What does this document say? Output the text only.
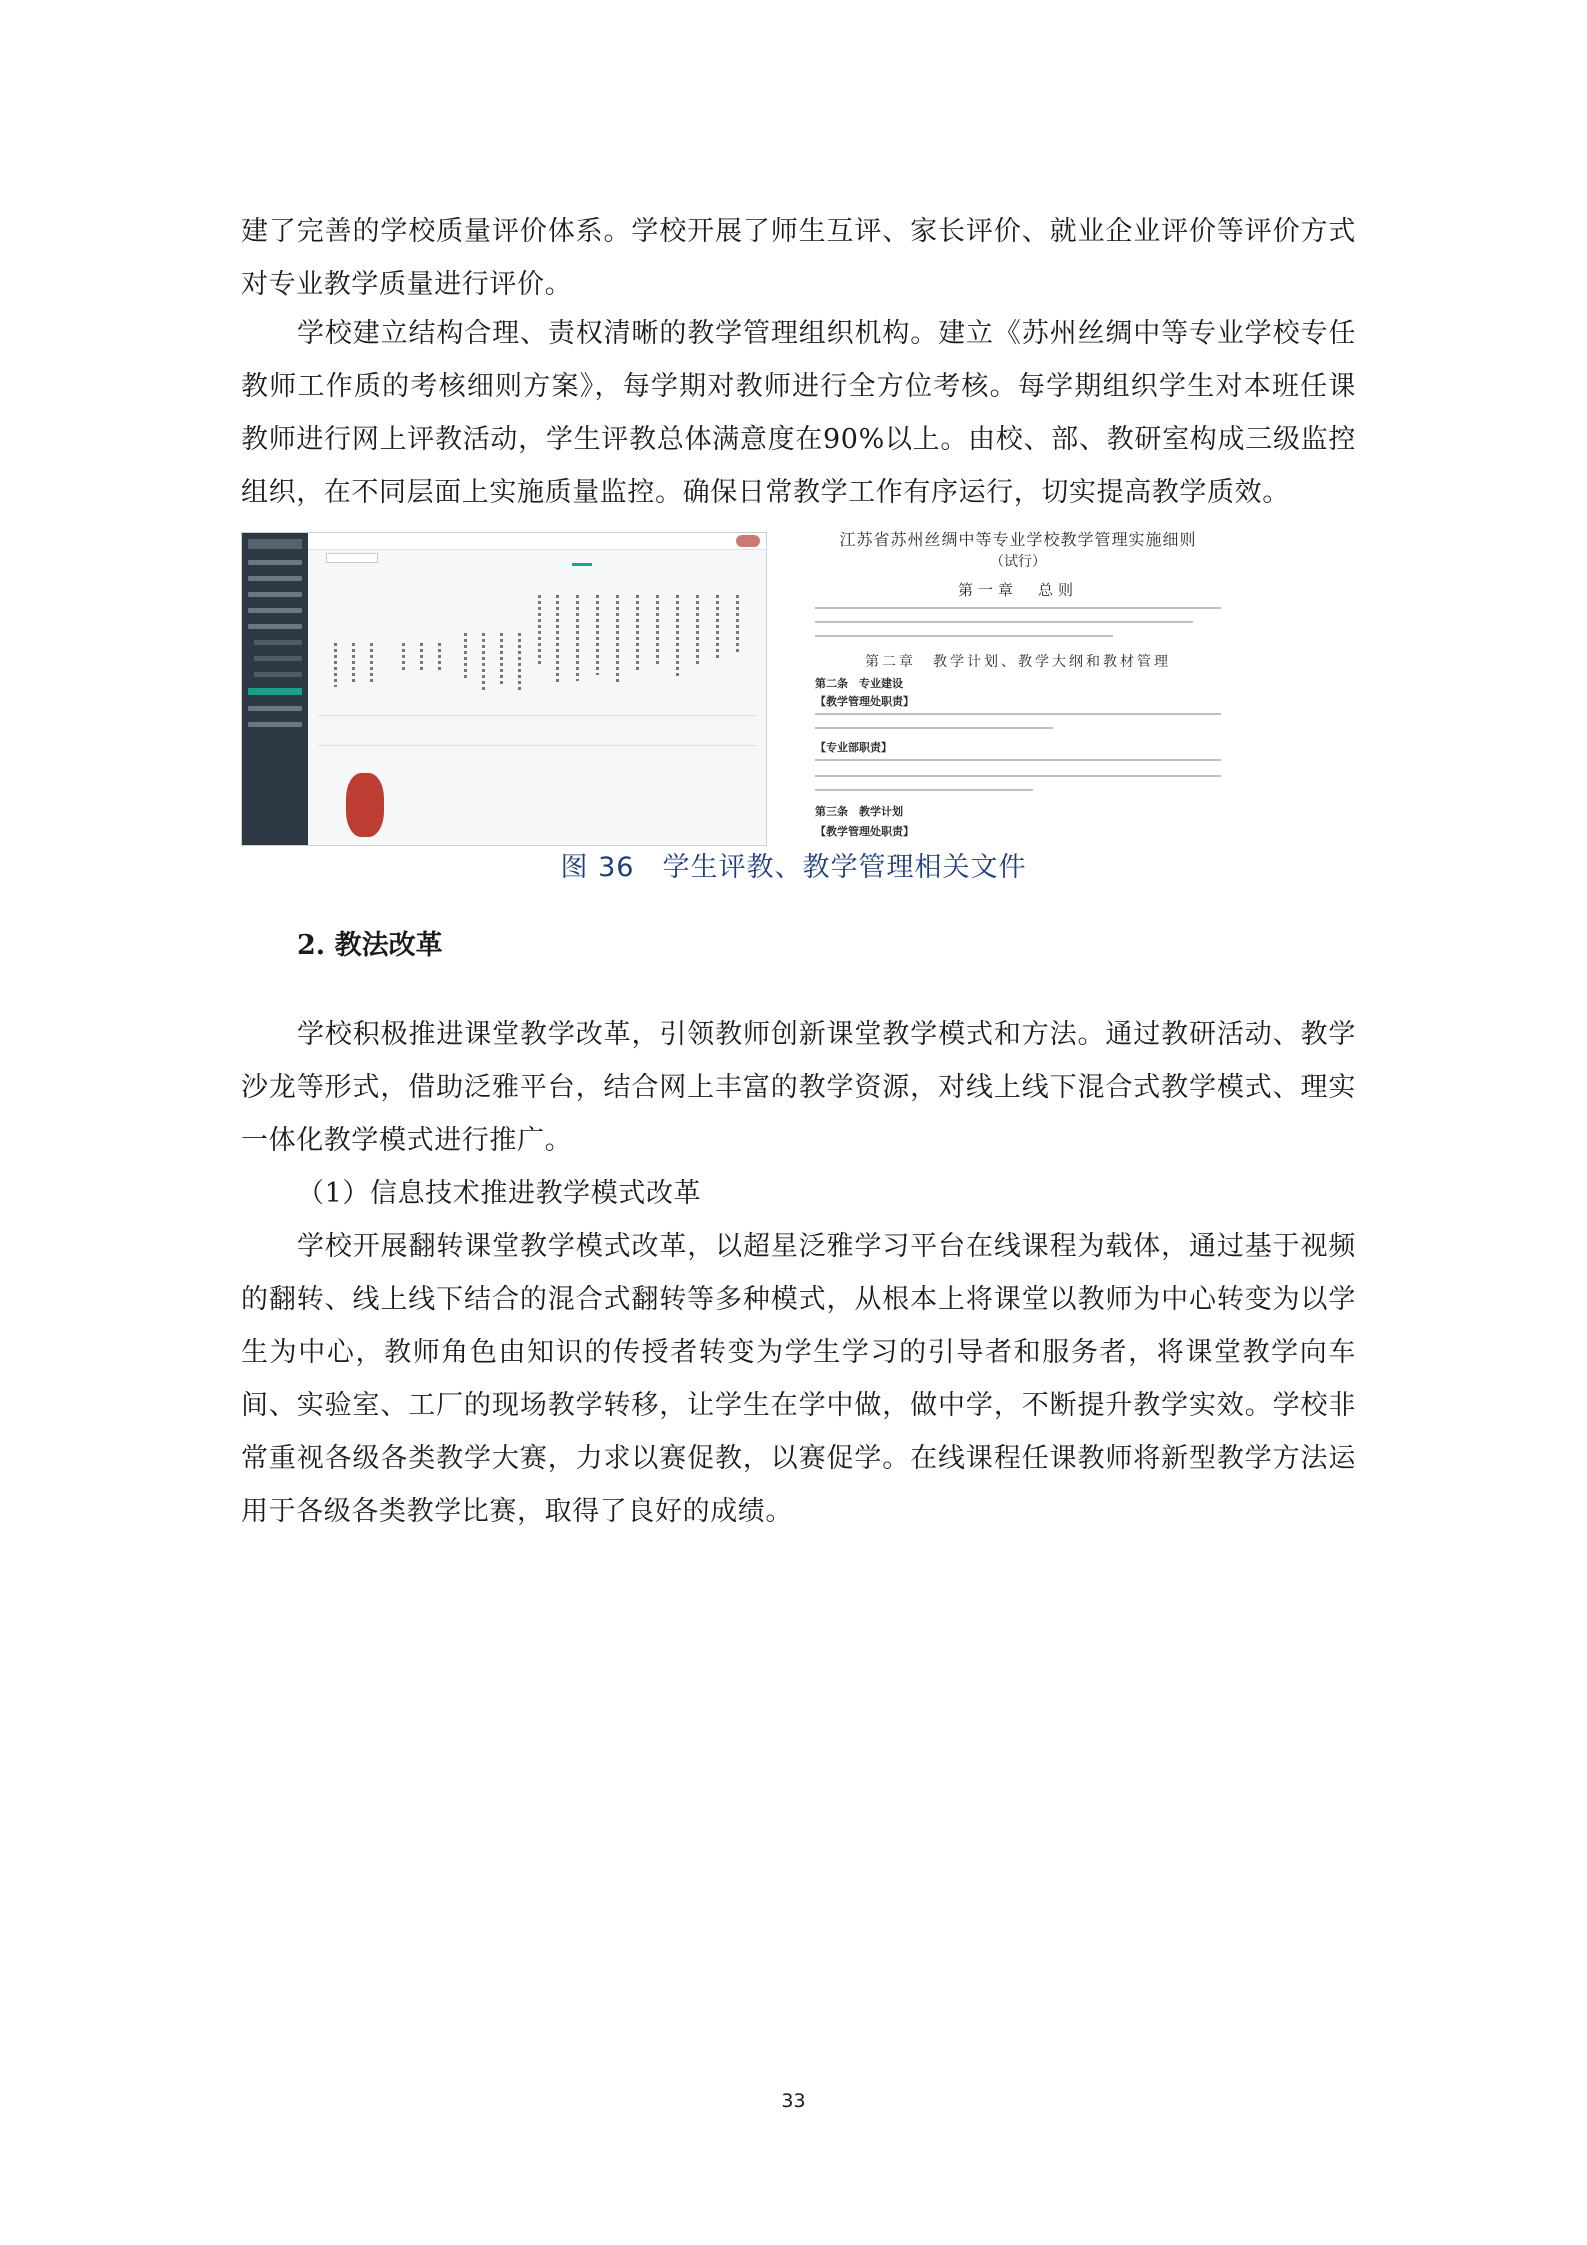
建了完善的学校质量评价体系。学校开展了师生互评、家长评价、就业企业评价等评价方式对专业教学质量进行评价。

学校建立结构合理、责权清晰的教学管理组织机构。建立《苏州丝绸中等专业学校专任教师工作质的考核细则方案》，每学期对教师进行全方位考核。每学期组织学生对本班任课教师进行网上评教活动，学生评教总体满意度在90%以上。由校、部、教研室构成三级监控组织，在不同层面上实施质量监控。确保日常教学工作有序运行，切实提高教学质效。

江苏省苏州丝绸中等专业学校教学管理实施细则
（试行）
第一章　总则
第二章　教学计划、教学大纲和教材管理
第二条　专业建设
【教学管理处职责】
【专业部职责】
第三条　教学计划
【教学管理处职责】
图 36　学生评教、教学管理相关文件
2. 教法改革

学校积极推进课堂教学改革，引领教师创新课堂教学模式和方法。通过教研活动、教学沙龙等形式，借助泛雅平台，结合网上丰富的教学资源，对线上线下混合式教学模式、理实一体化教学模式进行推广。

（1）信息技术推进教学模式改革

学校开展翻转课堂教学模式改革，以超星泛雅学习平台在线课程为载体，通过基于视频的翻转、线上线下结合的混合式翻转等多种模式，从根本上将课堂以教师为中心转变为以学生为中心，教师角色由知识的传授者转变为学生学习的引导者和服务者，将课堂教学向车间、实验室、工厂的现场教学转移，让学生在学中做，做中学，不断提升教学实效。学校非常重视各级各类教学大赛，力求以赛促教，以赛促学。在线课程任课教师将新型教学方法运用于各级各类教学比赛，取得了良好的成绩。

33
